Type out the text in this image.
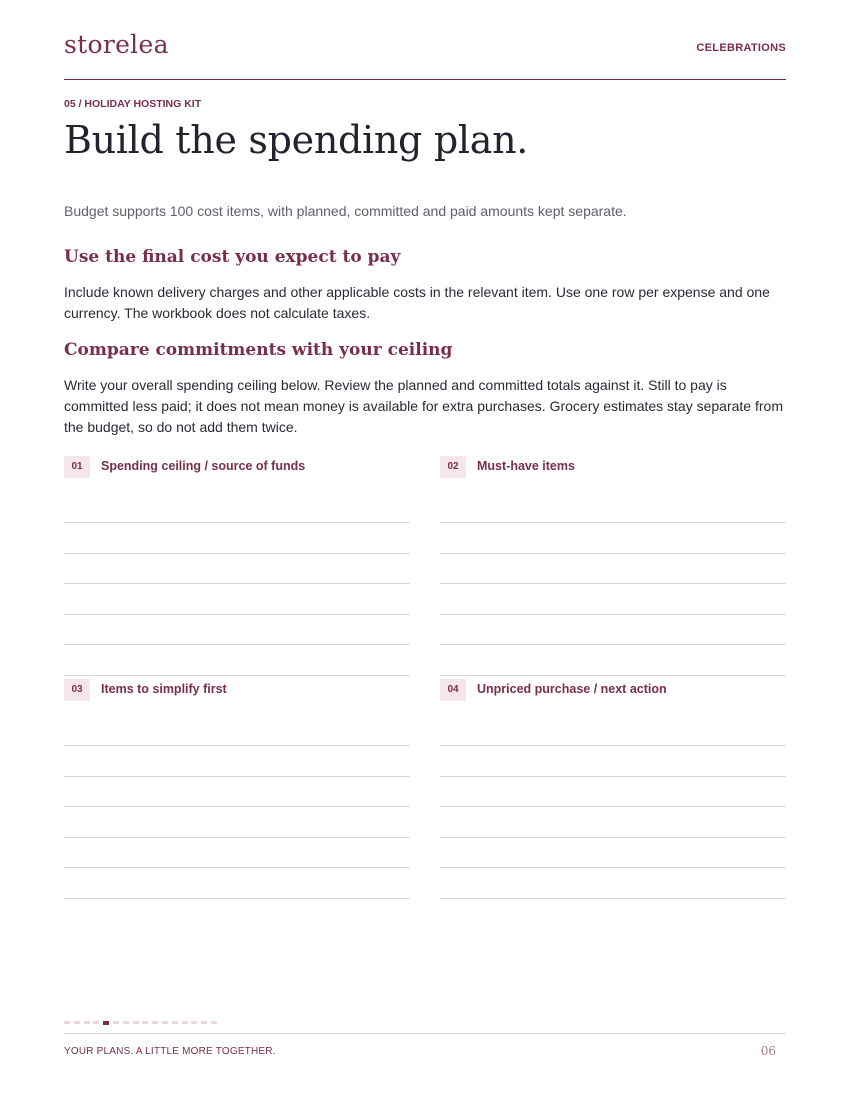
storelea	CELEBRATIONS
05 / HOLIDAY HOSTING KIT
Build the spending plan.

Budget supports 100 cost items, with planned, committed and paid amounts kept separate.

Use the final cost you expect to pay

Include known delivery charges and other applicable costs in the relevant item. Use one row per expense and one currency. The workbook does not calculate taxes.

Compare commitments with your ceiling

Write your overall spending ceiling below. Review the planned and committed totals against it. Still to pay is committed less paid; it does not mean money is available for extra purchases. Grocery estimates stay separate from the budget, so do not add them twice.

01	Spending ceiling / source of funds	02	Must-have items
03	Items to simplify first	04	Unpriced purchase / next action
YOUR PLANS. A LITTLE MORE TOGETHER.	06
